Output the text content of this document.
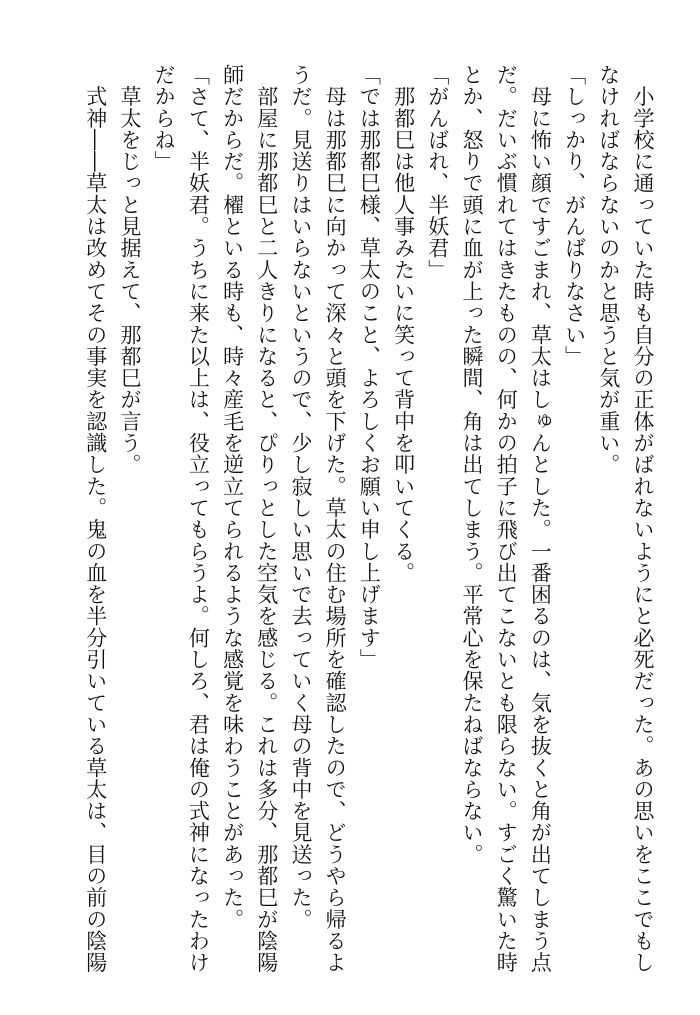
　小学校に通っていた時も自分の正体がばれないようにと必死だった。あの思いをここでもし

なければならないのかと思うと気が重い。

「しっかり、がんばりなさい」

　母に怖い顔ですごまれ、草太はしゅんとした。一番困るのは、気を抜くと角が出てしまう点

だ。だいぶ慣れてはきたものの、何かの拍子に飛び出てこないとも限らない。すごく驚いた時

とか、怒りで頭に血が上った瞬間、角は出てしまう。平常心を保たねばならない。

「がんばれ、半妖君」

　那都巳は他人事みたいに笑って背中を叩いてくる。

「では那都巳様、草太のこと、よろしくお願い申し上げます」

　母は那都巳に向かって深々と頭を下げた。草太の住む場所を確認したので、どうやら帰るよ

うだ。見送りはいらないというので、少し寂しい思いで去っていく母の背中を見送った。

　部屋に那都巳と二人きりになると、ぴりっとした空気を感じる。これは多分、那都巳が陰陽

師だからだ。櫂といる時も、時々産毛を逆立てられるような感覚を味わうことがあった。

「さて、半妖君。うちに来た以上は、役立ってもらうよ。何しろ、君は俺の式神になったわけ

だからね」

　草太をじっと見据えて、那都巳が言う。

　式神――草太は改めてその事実を認識した。鬼の血を半分引いている草太は、目の前の陰陽
